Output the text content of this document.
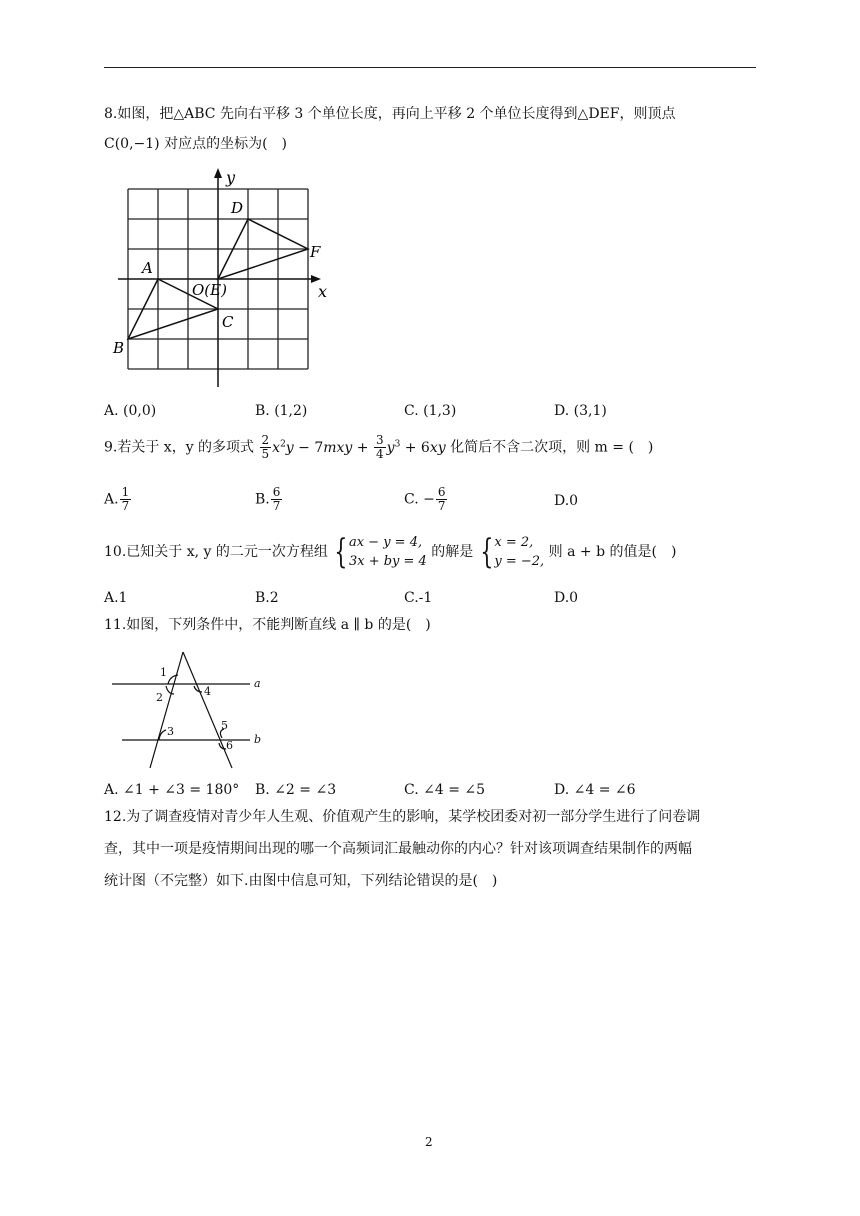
8.如图，把△ABC 先向右平移 3 个单位长度，再向上平移 2 个单位长度得到△DEF，则顶点
C(0,−1) 对应点的坐标为(　)
y
x
A
B
C
D
F
O(E)
A. (0,0)	B. (1,2)	C. (1,3)	D. (3,1)
9.若关于 x，y 的多项式 $\frac{2}{5} x^2y - 7mxy + \frac{3}{4} y^3 + 6xy$ 化简后不含二次项，则 m = (　)
A. $\frac{1}{7}$	B. $\frac{6}{7}$	C. − $\frac{6}{7}$	D.0
10.已知关于 x, y 的二元一次方程组 { ax − y = 4,
3x + by = 4
的解是 { x = 2,
y = −2,
则 a + b 的值是(　)
A.1	B.2	C.-1	D.0
11.如图，下列条件中，不能判断直线 a ∥ b 的是(　)
1
2	4
3	5
6
a
b
A. ∠1 + ∠3 = 180° B. ∠2 = ∠3	C. ∠4 = ∠5	D. ∠4 = ∠6
12.为了调查疫情对青少年人生观、价值观产生的影响，某学校团委对初一部分学生进行了问卷调
查，其中一项是疫情期间出现的哪一个高频词汇最触动你的内心？针对该项调查结果制作的两幅
统计图（不完整）如下.由图中信息可知，下列结论错误的是(　)
2
